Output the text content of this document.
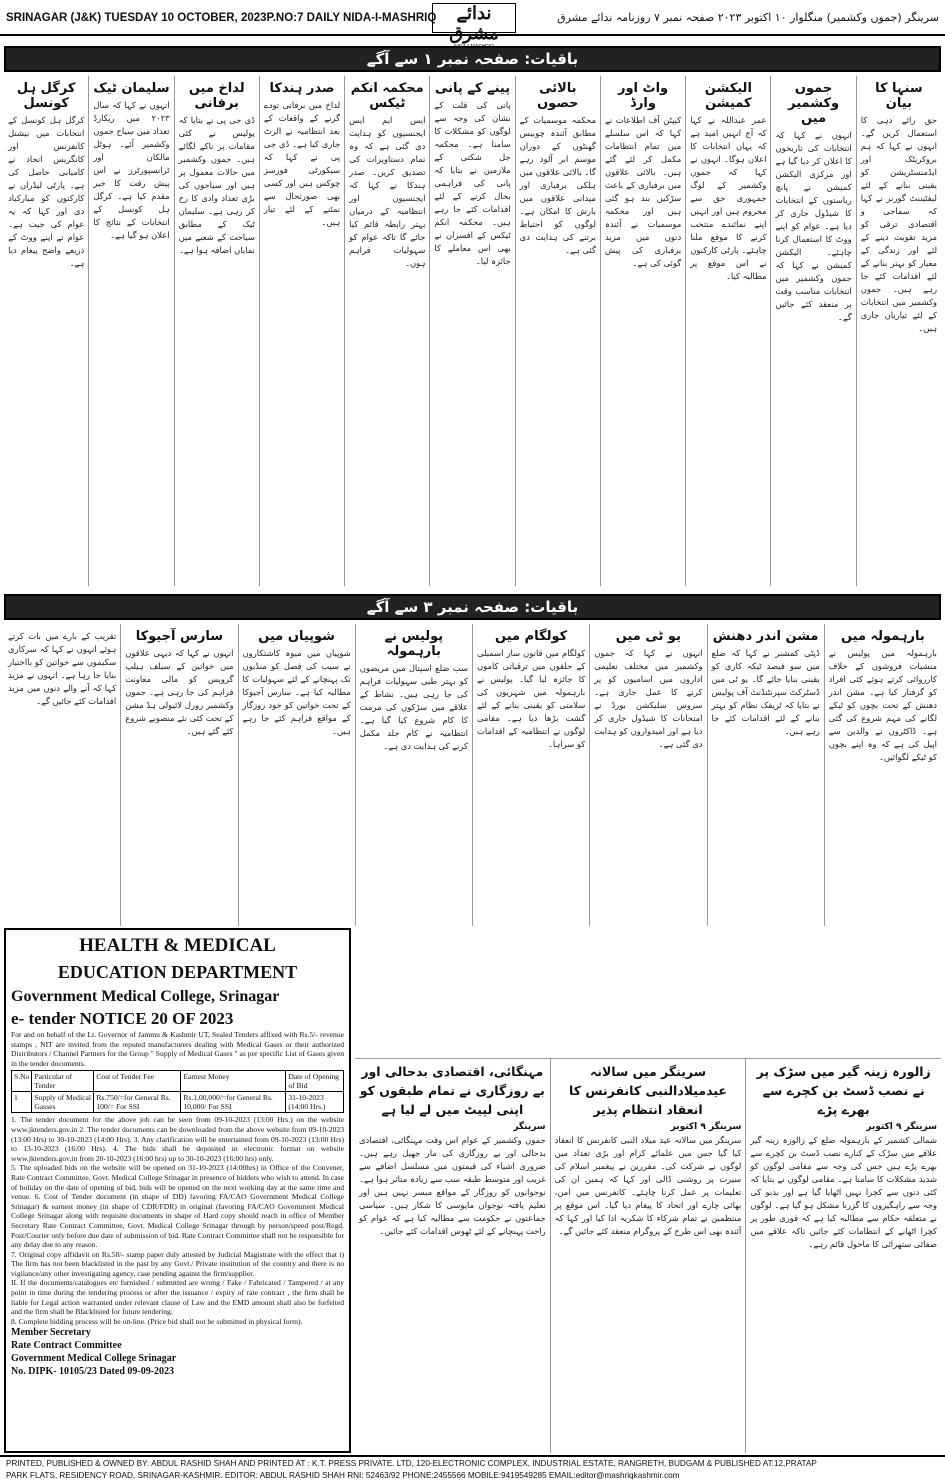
SRINAGAR (J&K) TUESDAY 10 OCTOBER, 2023P.NO:7 DAILY NIDA-I-MASHRIQ	ندائے مشرق
سرینگر (جموں وکشمیر) منگلوار ۱۰ اکتوبر ۲۰۲۳ صفحہ نمبر ۷ روزنامہ ندائے مشرق
باقیات: صفحہ نمبر ۱ سے آگے
سنہا کا بیان
حق رائے دہی کا استعمال کریں گے۔ انہوں نے کہا کہ ہم بروکریٹک اور ایڈمنسٹریشن کو یقینی بنانے کے لئے لیفٹیننٹ گورنر نے کہا کہ سماجی و اقتصادی ترقی کو مزید تقویت دینے کے لئے اور زندگی کے معیار کو بہتر بنانے کے لئے اقدامات کئے جا رہے ہیں۔ جموں وکشمیر میں انتخابات کے لئے تیاریاں جاری ہیں۔
جموں وکشمیر میں
انہوں نے کہا کہ انتخابات کی تاریخوں کا اعلان کر دیا گیا ہے اور مرکزی الیکشن کمیشن نے پانچ ریاستوں کے انتخابات کا شیڈول جاری کر دیا ہے۔ عوام کو اپنے ووٹ کا استعمال کرنا چاہئے۔ الیکشن کمیشن نے کہا کہ جموں وکشمیر میں انتخابات مناسب وقت پر منعقد کئے جائیں گے۔
الیکشن کمیشن
عمر عبداللہ نے کہا کہ آج انہیں امید ہے کہ یہاں انتخابات کا اعلان ہوگا۔ انہوں نے کہا کہ جموں وکشمیر کے لوگ جمہوری حق سے محروم ہیں اور انہیں اپنے نمائندے منتخب کرنے کا موقع ملنا چاہئے۔ پارٹی کارکنوں نے اس موقع پر مطالبہ کیا۔
واٹ اور وارڈ
کیپٹن آف اطلاعات نے کہا کہ اس سلسلے میں تمام انتظامات مکمل کر لئے گئے ہیں۔ بالائی علاقوں میں برفباری کے باعث سڑکیں بند ہو گئی ہیں اور محکمہ موسمیات نے آئندہ دنوں میں مزید برفباری کی پیش گوئی کی ہے۔
بالائی حصوں
محکمہ موسمیات کے مطابق آئندہ چوبیس گھنٹوں کے دوران موسم ابر آلود رہے گا۔ بالائی علاقوں میں ہلکی برفباری اور میدانی علاقوں میں بارش کا امکان ہے۔ لوگوں کو احتیاط برتنے کی ہدایت دی گئی ہے۔
پینے کے پانی
پانی کی قلت کے نشان کی وجہ سے لوگوں کو مشکلات کا سامنا ہے۔ محکمہ جل شکتی کے ملازمین نے بتایا کہ پانی کی فراہمی بحال کرنے کے لئے اقدامات کئے جا رہے ہیں۔ محکمہ انکم ٹیکس کے افسران نے بھی اس معاملے کا جائزہ لیا۔
محکمہ انکم ٹیکس
ایس ایم ایس ایجنسیوں کو ہدایت دی گئی ہے کہ وہ تمام دستاویزات کی تصدیق کریں۔ صدر ہندکا نے کہا کہ ایجنسیوں اور انتظامیہ کے درمیان بہتر رابطہ قائم کیا جائے گا تاکہ عوام کو سہولیات فراہم ہوں۔
صدر ہندکا
لداخ میں برفانی تودے گرنے کے واقعات کے بعد انتظامیہ نے الرٹ جاری کیا ہے۔ ڈی جی پی نے کہا کہ سیکورٹی فورسز چوکس ہیں اور کسی بھی صورتحال سے نمٹنے کے لئے تیار ہیں۔
لداخ میں برفانی
ڈی جی پی نے بتایا کہ پولیس نے کئی مقامات پر ناکے لگائے ہیں۔ جموں وکشمیر میں حالات معمول پر ہیں اور سیاحوں کی بڑی تعداد وادی کا رخ کر رہی ہے۔ سلیمان ٹیک کے مطابق سیاحت کے شعبے میں نمایاں اضافہ ہوا ہے۔
سلیمان ٹیک
انہوں نے کہا کہ سال ۲۰۲۳ میں ریکارڈ تعداد میں سیاح جموں وکشمیر آئے۔ ہوٹل مالکان اور ٹرانسپورٹرز نے اس پیش رفت کا خیر مقدم کیا ہے۔ کرگل ہل کونسل کے انتخابات کے نتائج کا اعلان ہو گیا ہے۔
کرگل ہل کونسل
کرگل ہل کونسل کے انتخابات میں نیشنل کانفرنس اور کانگریس اتحاد نے کامیابی حاصل کی ہے۔ پارٹی لیڈران نے کارکنوں کو مبارکباد دی اور کہا کہ یہ عوام کی جیت ہے۔ عوام نے اپنے ووٹ کے ذریعے واضح پیغام دیا ہے۔
باقیات: صفحہ نمبر ۳ سے آگے
بارہمولہ میں
بارہمولہ میں پولیس نے منشیات فروشوں کے خلاف کارروائی کرتے ہوئے کئی افراد کو گرفتار کیا ہے۔ مشن اندر دھنش کے تحت بچوں کو ٹیکے لگانے کی مہم شروع کی گئی ہے۔ ڈاکٹروں نے والدین سے اپیل کی ہے کہ وہ اپنے بچوں کو ٹیکے لگوائیں۔
مشن اندر دھنش
ڈپٹی کمشنر نے کہا کہ ضلع میں سو فیصد ٹیکہ کاری کو یقینی بنایا جائے گا۔ یو ٹی میں ڈسٹرکٹ سپرنٹنڈنٹ آف پولیس نے بتایا کہ ٹریفک نظام کو بہتر بنانے کے لئے اقدامات کئے جا رہے ہیں۔
یو ٹی میں
انہوں نے کہا کہ جموں وکشمیر میں مختلف تعلیمی اداروں میں اسامیوں کو پر کرنے کا عمل جاری ہے۔ سروس سلیکشن بورڈ نے امتحانات کا شیڈول جاری کر دیا ہے اور امیدواروں کو ہدایت دی گئی ہے۔
کولگام میں
کولگام میں قانون ساز اسمبلی کے حلقوں میں ترقیاتی کاموں کا جائزہ لیا گیا۔ پولیس نے بارہمولہ میں شہریوں کی سلامتی کو یقینی بنانے کے لئے گشت بڑھا دیا ہے۔ مقامی لوگوں نے انتظامیہ کے اقدامات کو سراہا۔
پولیس نے بارہمولہ
سب ضلع اسپتال میں مریضوں کو بہتر طبی سہولیات فراہم کی جا رہی ہیں۔ نشاط کے علاقے میں سڑکوں کی مرمت کا کام شروع کیا گیا ہے۔ انتظامیہ نے کام جلد مکمل کرنے کی ہدایت دی ہے۔
شوپیاں میں
شوپیاں میں میوہ کاشتکاروں نے سیب کی فصل کو منڈیوں تک پہنچانے کے لئے سہولیات کا مطالبہ کیا ہے۔ سارس آجیوکا کے تحت خواتین کو خود روزگار کے مواقع فراہم کئے جا رہے ہیں۔
سارس آجیوکا
انہوں نے کہا کہ دیہی علاقوں میں خواتین کے سیلف ہیلپ گروپس کو مالی معاونت فراہم کی جا رہی ہے۔ جموں وکشمیر رورل لائیولی ہڈ مشن کے تحت کئی نئے منصوبے شروع کئے گئے ہیں۔
تقریب کے بارے میں بات کرتے ہوئے انہوں نے کہا کہ سرکاری سکیموں سے خواتین کو بااختیار بنایا جا رہا ہے۔ انہوں نے مزید کہا کہ آنے والے دنوں میں مزید اقدامات کئے جائیں گے۔
HEALTH & MEDICAL
EDUCATION DEPARTMENT
Government Medical College, Srinagar
e- tender NOTICE 20 OF 2023
For and on behalf of the Lt. Governor of Jammu & Kashmir UT, Sealed Tenders affixed with Rs.5/- revenue stamps , NIT are invited from the reputed manufacturers dealing with Medical Gases or their authorized Distributors / Channel Partners for the Group " Supply of Medical Gases " as per specific List of Gases given in the tender documents.
S.No	Particular of Tender	Cost of Tender Fee	Earnest Money	Date of Opening of Bid
1	Supply of Medical Gasses	Rs.750/=for General Rs. 100/= For SSI	Rs.1,00,000/=for General Rs. 10,000/ For SSI	31-10-2023 (14:00 Hrs.)
1. The tender document for the above job can be seen from 09-10-2023 (13:00 Hrs.) on the website www.jktenders.gov.in 2. The tender documents can be downloaded from the above website from 09-10-2023 (13:00 Hrs) to 30-10-2023 (14:00 Hrs). 3. Any clarification will be entertained from 09-10-2023 (13:00 Hrs) to 13-10-2023 (16:00 Hrs). 4. The bids shall be deposited in electronic format on website www.jktenders.gov.in from 20-10-2023 (16:00 hrs) up to 30-10-2023 (16:00 hrs) only.
5. The uploaded bids on the website will be opened on 31-10-2023 (14:00hrs) in Office of the Convener, Rate Contract Committee, Govt. Medical College Srinagar in presence of bidders who wish to attend. In case of holiday on the date of opening of bid, bids will be opened on the next working day at the same time and venue. 6. Cost of Tender document (in shape of DD) favoring FA/CAO Government Medical College Srinagar) & earnest money (in shape of CDR/FDR) in original (favoring FA/CAO Government Medical College Srinagar along with requisite documents in shape of Hard copy should reach in office of Member Secretary Rate Contract Committee, Govt. Medical College Srinagar through by person/speed post/Regd. Post/Courier only before due date of submission of bid. Rate Contract Committee shall not be responsible for any delay due to any reason.
7. Original copy affidavit on Rs.50/- stamp paper duly attested by Judicial Magistrate with the effect that i) The firm has not been blacklisted in the past by any Govt./ Private institution of the country and there is no vigilance/any other investigating agency, case pending against the firm/supplier.
II. If the documents/catalogues etc furnished / submitted are wrong / Fake / Fabricated / Tampered / at any point in time during the tendering process or after the issuance / expiry of rate contract , the firm shall be liable for Legal action warranted under relevant clause of Law and the EMD amount shall also be forfeited and the firm shall be Blacklisted for future tendering.
8. Complete bidding process will be on-line. (Price bid shall not be submitted in physical form).
Member Secretary
Rate Contract Committee
Government Medical College Srinagar
No. DIPK- 10105/23 Dated 09-09-2023
زالورہ زینہ گیر میں سڑک پر نے نصب ڈسٹ بن کچرے سے بھرے پڑے
سرینگر ۹ اکتوبر
شمالی کشمیر کے بارہمولہ ضلع کے زالورہ زینہ گیر علاقے میں سڑک کے کنارے نصب ڈسٹ بن کچرے سے بھرے پڑے ہیں جس کی وجہ سے مقامی لوگوں کو شدید مشکلات کا سامنا ہے۔ مقامی لوگوں نے بتایا کہ کئی دنوں سے کچرا نہیں اٹھایا گیا ہے اور بدبو کی وجہ سے راہگیروں کا گزرنا مشکل ہو گیا ہے۔ لوگوں نے متعلقہ حکام سے مطالبہ کیا ہے کہ فوری طور پر کچرا اٹھانے کے انتظامات کئے جائیں تاکہ علاقے میں صفائی ستھرائی کا ماحول قائم رہے۔
سرینگر میں سالانہ عیدمیلادالنبی کانفرنس کا انعقاد انتظام پذیر
سرینگر ۹ اکتوبر
سرینگر میں سالانہ عید میلاد النبی کانفرنس کا انعقاد کیا گیا جس میں علمائے کرام اور بڑی تعداد میں لوگوں نے شرکت کی۔ مقررین نے پیغمبر اسلام کی سیرت پر روشنی ڈالی اور کہا کہ ہمیں ان کی تعلیمات پر عمل کرنا چاہئے۔ کانفرنس میں امن، بھائی چارے اور اتحاد کا پیغام دیا گیا۔ اس موقع پر منتظمین نے تمام شرکاء کا شکریہ ادا کیا اور کہا کہ آئندہ بھی اس طرح کے پروگرام منعقد کئے جائیں گے۔
مہنگائی، اقتصادی بدحالی اور بے روزگاری نے تمام طبقوں کو اپنی لپیٹ میں لے لیا ہے
سرینگر
جموں وکشمیر کے عوام اس وقت مہنگائی، اقتصادی بدحالی اور بے روزگاری کی مار جھیل رہے ہیں۔ ضروری اشیاء کی قیمتوں میں مسلسل اضافے سے غریب اور متوسط طبقہ سب سے زیادہ متاثر ہوا ہے۔ نوجوانوں کو روزگار کے مواقع میسر نہیں ہیں اور تعلیم یافتہ نوجوان مایوسی کا شکار ہیں۔ سیاسی جماعتوں نے حکومت سے مطالبہ کیا ہے کہ عوام کو راحت پہنچانے کے لئے ٹھوس اقدامات کئے جائیں۔
PRINTED, PUBLISHED & OWNED BY: ABDUL RASHID SHAH AND PRINTED AT : K.T. PRESS PRIVATE. LTD, 120-ELECTRONIC COMPLEX, INDUSTRIAL ESTATE, RANGRETH, BUDGAM & PUBLISHED AT:12,PRATAP
PARK FLATS, RESIDENCY ROAD, SRINAGAR-KASHMIR. EDITOR: ABDUL RASHID SHAH RNI: 52463/92 PHONE:2455566 MOBILE:9419549285 EMAIL:editor@mashriqkashmir.com
